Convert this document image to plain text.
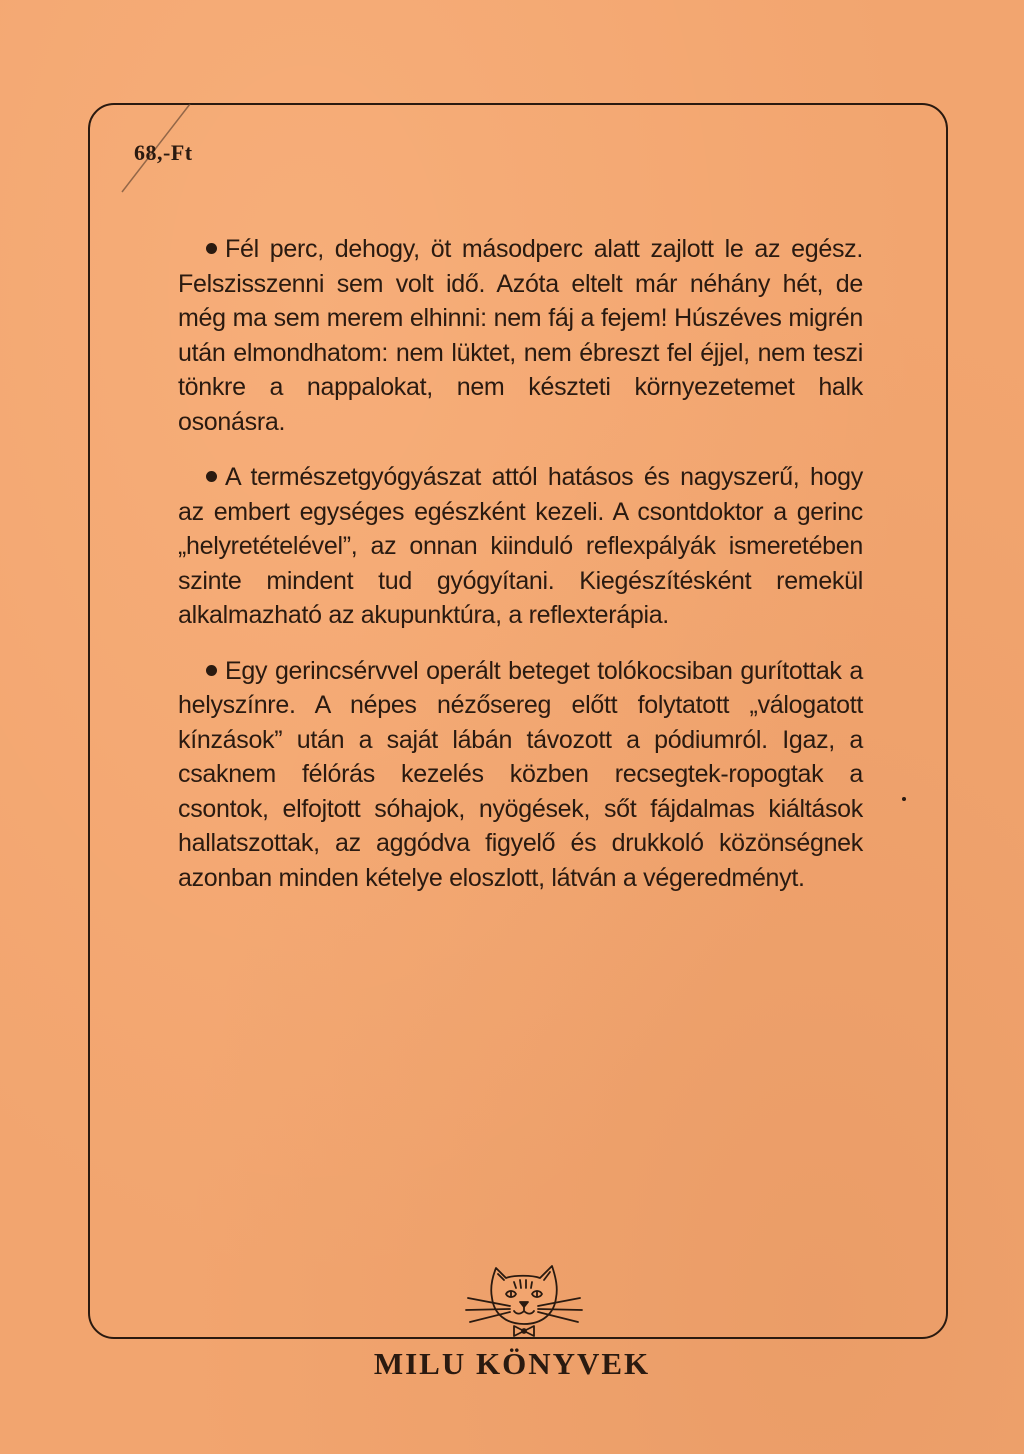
68,-Ft

Fél perc, dehogy, öt másodperc alatt zajlott le az egész. Felszisszenni sem volt idő. Azóta eltelt már néhány hét, de még ma sem merem elhinni: nem fáj a fejem! Húszéves migrén után elmondhatom: nem lüktet, nem ébreszt fel éjjel, nem teszi tönkre a nappalokat, nem készteti környezetemet halk osonásra.

A természetgyógyászat attól hatásos és nagyszerű, hogy az embert egységes egészként kezeli. A csontdoktor a gerinc „helyretételével”, az onnan kiinduló reflexpályák ismeretében szinte mindent tud gyógyítani. Kiegészítésként remekül alkalmazható az akupunktúra, a reflexterápia.

Egy gerincsérvvel operált beteget tolókocsiban gurítottak a helyszínre. A népes nézősereg előtt folytatott „válogatott kínzások” után a saját lábán távozott a pódiumról. Igaz, a csaknem félórás kezelés közben recsegtek-ropogtak a csontok, elfojtott sóhajok, nyögések, sőt fájdalmas kiáltások hallatszottak, az aggódva figyelő és drukkoló közönségnek azonban minden kételye eloszlott, látván a végeredményt.

MILU KÖNYVEK
